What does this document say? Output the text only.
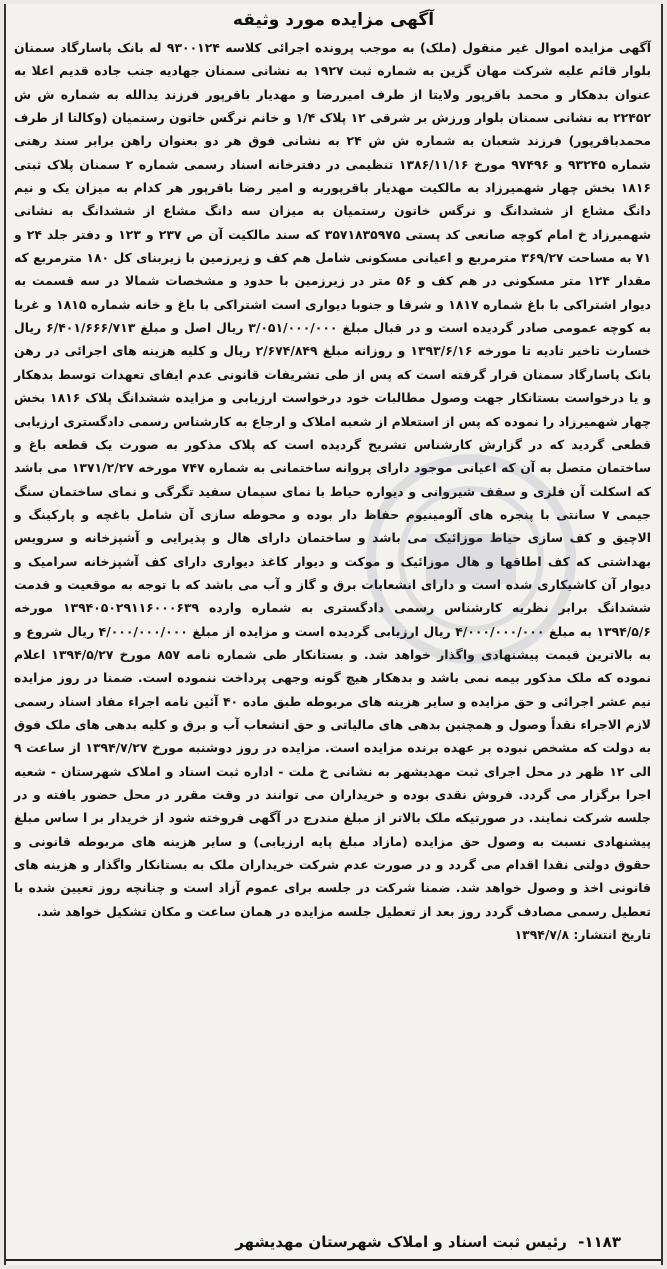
آگهی مزایده مورد وثیقه
آگهی مزایده اموال غیر منقول (ملک) به موجب پرونده اجرائی کلاسه ۹۳۰۰۱۲۴ له بانک پاسارگاد سمنان بلوار قائم علیه شرکت مهان گزین به شماره ثبت ۱۹۲۷ به نشانی سمنان جهادیه جنب جاده قدیم اعلا به عنوان بدهکار و محمد باقرپور ولایتا از طرف امیررضا و مهدیار باقرپور فرزند یدالله به شماره ش ش ۲۲۴۵۲ به نشانی سمنان بلوار ورزش بر شرقی ۱۲ پلاک ۱/۴ و خانم نرگس خاتون رستمیان (وکالتا از طرف محمدباقرپور) فرزند شعبان به شماره ش ش ۲۴ به نشانی فوق هر دو بعنوان راهن برابر سند رهنی شماره ۹۳۲۴۵ و ۹۷۴۹۶ مورخ ۱۳۸۶/۱۱/۱۶ تنظیمی در دفترخانه اسناد رسمی شماره ۲ سمنان پلاک ثبتی ۱۸۱۶ بخش چهار شهمیرزاد به مالکیت مهدیار باقرپوربه و امیر رضا باقرپور هر کدام به میزان یک و نیم دانگ مشاع از ششدانگ و نرگس خاتون رستمیان به میزان سه دانگ مشاع از ششدانگ به نشانی شهمیرزاد خ امام کوچه صانعی کد پستی ۳۵۷۱۸۳۵۹۷۵ که سند مالکیت آن ص ۲۳۷ و ۱۲۳ و دفتر جلد ۲۴ و ۷۱ به مساحت ۳۶۹/۲۷ مترمربع و اعیانی مسکونی شامل هم کف و زیرزمین با زیربنای کل ۱۸۰ مترمربع که مقدار ۱۲۴ متر مسکونی در هم کف و ۵۶ متر در زیرزمین با حدود و مشخصات شمالا در سه قسمت به دیوار اشتراکی با باغ شماره ۱۸۱۷ و شرقا و جنوبا دیواری است اشتراکی با باغ و خانه شماره ۱۸۱۵ و غربا به کوچه عمومی صادر گردیده است و در قبال مبلغ ۳/۰۵۱/۰۰۰/۰۰۰ ریال اصل و مبلغ ۶/۴۰۱/۶۶۶/۷۱۳ ریال خسارت تاخیر تادیه تا مورخه ۱۳۹۳/۶/۱۶ و روزانه مبلغ ۲/۶۷۴/۸۴۹ ریال و کلیه هزینه های اجرائی در رهن بانک پاسارگاد سمنان قرار گرفته است که پس از طی تشریفات قانونی عدم ایفای تعهدات توسط بدهکار و یا درخواست بستانکار جهت وصول مطالبات خود درخواست ارزیابی و مزایده ششدانگ پلاک ۱۸۱۶ بخش چهار شهمیرزاد را نموده که پس از استعلام از شعبه املاک و ارجاع به کارشناس رسمی دادگستری ارزیابی قطعی گردید که در گزارش کارشناس تشریح گردیده است که پلاک مذکور به صورت یک قطعه باغ و ساختمان متصل به آن که اعیانی موجود دارای پروانه ساختمانی به شماره ۷۴۷ مورخه ۱۳۷۱/۲/۲۷ می باشد که اسکلت آن فلزی و سقف شیروانی و دیواره حیاط با نمای سیمان سفید تگرگی و نمای ساختمان سنگ جیمی ۷ سانتی با پنجره های آلومینیوم حفاظ دار بوده و محوطه سازی آن شامل باغچه و پارکینگ و الاچیق و کف سازی حیاط موزائیک می باشد و ساختمان دارای هال و پذیرایی و آشپزخانه و سرویس بهداشتی که کف اطاقها و هال موزائیک و موکت و دیوار کاغذ دیواری دارای کف آشپزخانه سرامیک و دیوار آن کاشیکاری شده است و دارای انشعابات برق و گاز و آب می باشد که با توجه به موقعیت و قدمت ششدانگ برابر نظریه کارشناس رسمی دادگستری به شماره وارده ۱۳۹۴۰۵۰۲۹۱۱۶۰۰۰۶۳۹ مورخه ۱۳۹۴/۵/۶ به مبلغ ۴/۰۰۰/۰۰۰/۰۰۰ ریال ارزیابی گردیده است و مزایده از مبلغ ۴/۰۰۰/۰۰۰/۰۰۰ ریال شروع و به بالاترین قیمت پیشنهادی واگذار خواهد شد. و بستانکار طی شماره نامه ۸۵۷ مورخ ۱۳۹۴/۵/۲۷ اعلام نموده که ملک مذکور بیمه نمی باشد و بدهکار هیچ گونه وجهی پرداخت ننموده است. ضمنا در روز مزایده نیم عشر اجرائی و حق مزایده و سایر هزینه های مربوطه طبق ماده ۴۰ آئین نامه اجراء مفاد اسناد رسمی لازم الاجراء نقداً وصول و همچنین بدهی های مالیاتی و حق انشعاب آب و برق و کلیه بدهی های ملک فوق به دولت که مشخص نبوده بر عهده برنده مزایده است. مزایده در روز دوشنبه مورخ ۱۳۹۴/۷/۲۷ از ساعت ۹ الی ۱۲ ظهر در محل اجرای ثبت مهدیشهر به نشانی خ ملت - اداره ثبت اسناد و املاک شهرستان - شعبه اجرا برگزار می گردد. فروش نقدی بوده و خریداران می توانند در وقت مقرر در محل حضور یافته و در جلسه شرکت نمایند. در صورتیکه ملک بالاتر از مبلغ مندرج در آگهی فروخته شود از خریدار بر ا ساس مبلغ پیشنهادی نسبت به وصول حق مزایده (مازاد مبلغ پایه ارزیابی) و سایر هزینه های مربوطه قانونی و حقوق دولتی نقدا اقدام می گردد و در صورت عدم شرکت خریداران ملک به بستانکار واگذار و هزینه های قانونی اخذ و وصول خواهد شد. ضمنا شرکت در جلسه برای عموم آزاد است و چنانچه روز تعیین شده با تعطیل رسمی مصادف گردد روز بعد از تعطیل جلسه مزایده در همان ساعت و مکان تشکیل خواهد شد.
تاریخ انتشار: ۱۳۹۴/۷/۸
۱۱۸۳- رئیس ثبت اسناد و املاک شهرستان مهدیشهر
